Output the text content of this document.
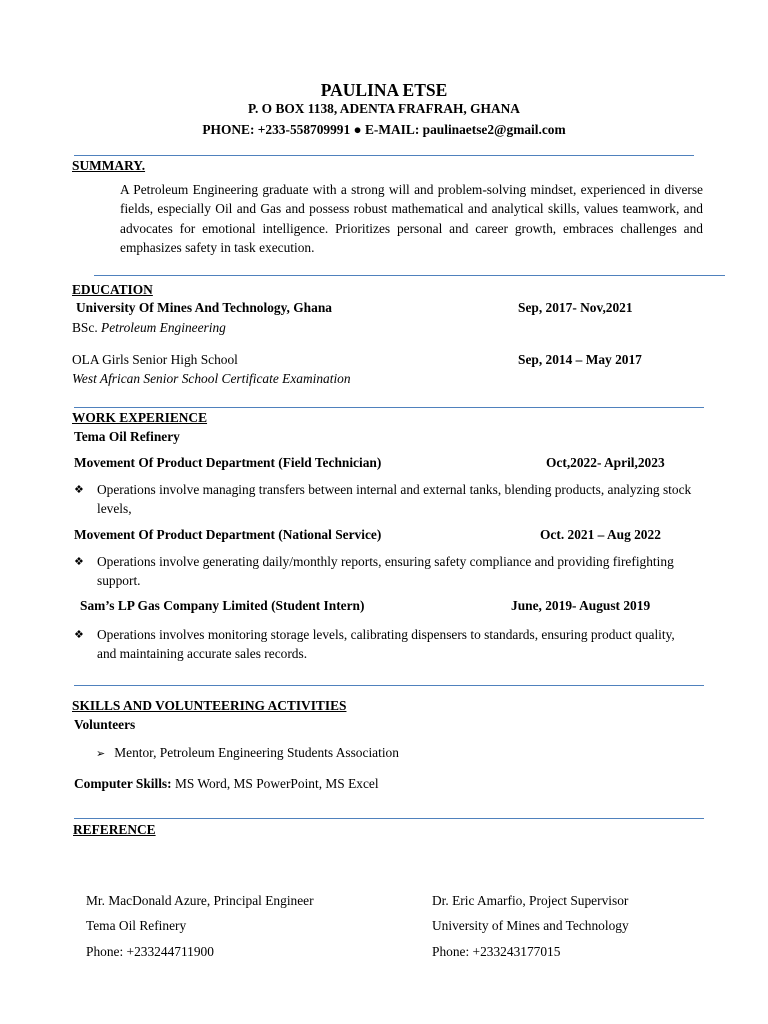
PAULINA ETSE
P. O BOX 1138, ADENTA FRAFRAH, GHANA
PHONE: +233-558709991 ● E-MAIL: paulinaetse2@gmail.com
SUMMARY.
A Petroleum Engineering graduate with a strong will and problem-solving mindset, experienced in diverse fields, especially Oil and Gas and possess robust mathematical and analytical skills, values teamwork, and advocates for emotional intelligence. Prioritizes personal and career growth, embraces challenges and emphasizes safety in task execution.
EDUCATION
University Of Mines And Technology, Ghana	Sep, 2017- Nov,2021
BSc. Petroleum Engineering
OLA Girls Senior High School	Sep, 2014 – May 2017
West African Senior School Certificate Examination
WORK EXPERIENCE
Tema Oil Refinery
Movement Of Product Department (Field Technician)	Oct,2022- April,2023
❖ Operations involve managing transfers between internal and external tanks, blending products, analyzing stock levels,
Movement Of Product Department (National Service)	Oct. 2021 – Aug 2022
❖ Operations involve generating daily/monthly reports, ensuring safety compliance and providing firefighting support.
Sam’s LP Gas Company Limited (Student Intern)	June, 2019- August 2019
❖ Operations involves monitoring storage levels, calibrating dispensers to standards, ensuring product quality, and maintaining accurate sales records.
SKILLS AND VOLUNTEERING ACTIVITIES
Volunteers
➢ Mentor, Petroleum Engineering Students Association
Computer Skills: MS Word, MS PowerPoint, MS Excel
REFERENCE
Mr. MacDonald Azure, Principal Engineer
Tema Oil Refinery
Phone: +233244711900
Dr. Eric Amarfio, Project Supervisor
University of Mines and Technology
Phone: +233243177015
